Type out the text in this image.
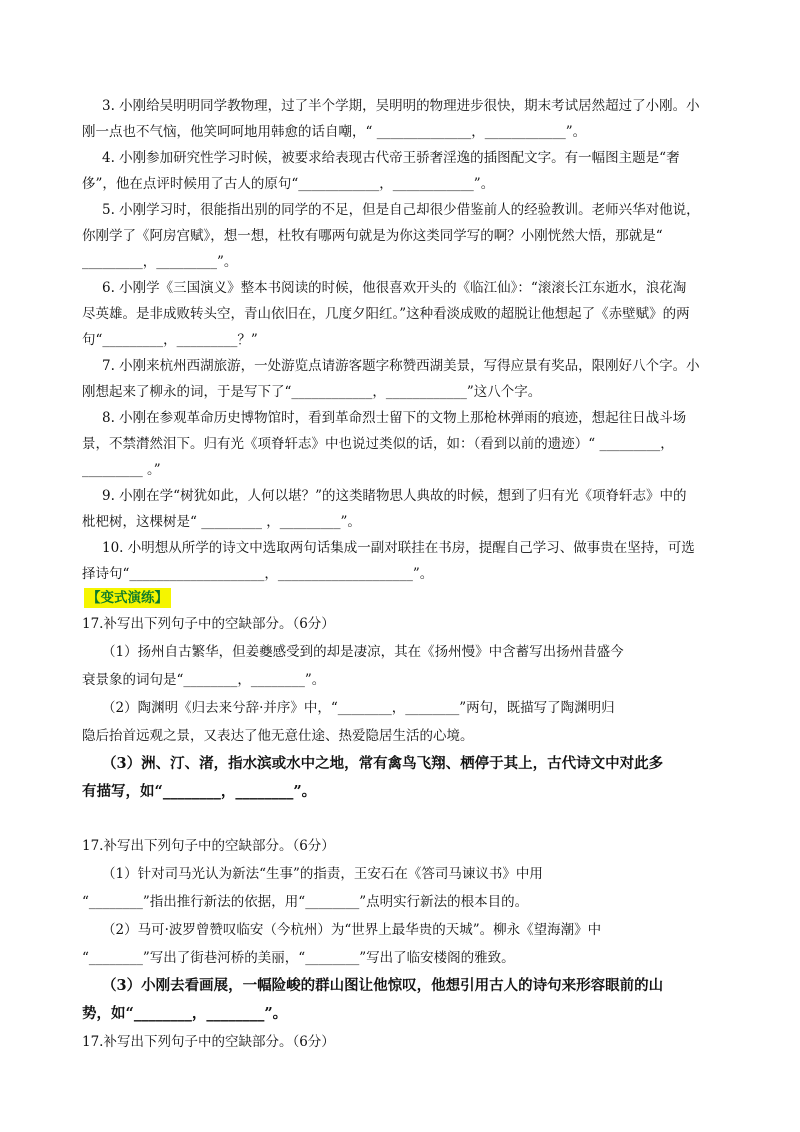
3. 小刚给吴明明同学教物理，过了半个学期，吴明明的物理进步很快，期末考试居然超过了小刚。小
刚一点也不气恼，他笑呵呵地用韩愈的话自嘲，“ ______________，____________”。
4. 小刚参加研究性学习时候，被要求给表现古代帝王骄奢淫逸的插图配文字。有一幅图主题是“奢
侈”，他在点评时候用了古人的原句“____________，____________”。
5. 小刚学习时，很能指出别的同学的不足，但是自己却很少借鉴前人的经验教训。老师兴华对他说，
你刚学了《阿房宫赋》，想一想，杜牧有哪两句就是为你这类同学写的啊？小刚恍然大悟，那就是“
_________，_________”。
6. 小刚学《三国演义》整本书阅读的时候，他很喜欢开头的《临江仙》：“滚滚长江东逝水，浪花淘
尽英雄。是非成败转头空，青山依旧在，几度夕阳红。”这种看淡成败的超脱让他想起了《赤壁赋》的两
句“_________，_________？”
7. 小刚来杭州西湖旅游，一处游览点请游客题字称赞西湖美景，写得应景有奖品，限刚好八个字。小
刚想起来了柳永的词，于是写下了“____________，____________”这八个字。
8. 小刚在参观革命历史博物馆时，看到革命烈士留下的文物上那枪林弹雨的痕迹，想起往日战斗场
景，不禁潸然泪下。归有光《项脊轩志》中也说过类似的话，如：（看到以前的遗迹）“ _________，
_________ 。”
9. 小刚在学“树犹如此，人何以堪？”的这类睹物思人典故的时候，想到了归有光《项脊轩志》中的
枇杷树，这棵树是“ _________ ，_________”。
10. 小明想从所学的诗文中选取两句话集成一副对联挂在书房，提醒自己学习、做事贵在坚持，可选
【变式演练】
17.补写出下列句子中的空缺部分。（6分）
（1）扬州自古繁华，但姜夔感受到的却是凄凉，其在《扬州慢》中含蓄写出扬州昔盛今
衰景象的词句是“________，________”。
（2）陶渊明《归去来兮辞·并序》中，“________，________”两句，既描写了陶渊明归
隐后抬首远观之景，又表达了他无意仕途、热爱隐居生活的心境。
（3）洲、汀、渚，指水滨或水中之地，常有禽鸟飞翔、栖停于其上，古代诗文中对此多
有描写，如“________，________”。
17.补写出下列句子中的空缺部分。（6分）
（1）针对司马光认为新法“生事”的指责，王安石在《答司马谏议书》中用
“________”指出推行新法的依据，用“________”点明实行新法的根本目的。
（2）马可·波罗曾赞叹临安（今杭州）为“世界上最华贵的天城”。柳永《望海潮》中
“________”写出了街巷河桥的美丽，“________”写出了临安楼阁的雅致。
（3）小刚去看画展，一幅险峻的群山图让他惊叹，他想引用古人的诗句来形容眼前的山
势，如“________，________”。
17.补写出下列句子中的空缺部分。（6分）
择诗句“____________________，____________________”。
